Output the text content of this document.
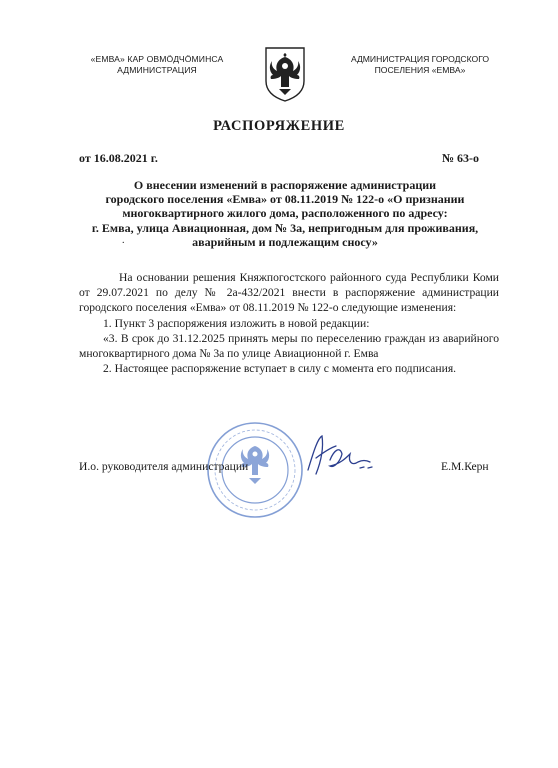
«ЕМВА» КАР ОВМӦДЧӦМИНСА
АДМИНИСТРАЦИЯ
АДМИНИСТРАЦИЯ ГОРОДСКОГО
ПОСЕЛЕНИЯ «ЕМВА»
РАСПОРЯЖЕНИЕ
от 16.08.2021 г.	№ 63-о
О внесении изменений в распоряжение администрации
городского поселения «Емва» от 08.11.2019 № 122-о «О признании
многоквартирного жилого дома, расположенного по адресу:
г. Емва, улица Авиационная, дом № 3а, непригодным для проживания,
аварийным и подлежащим сносу»
.

На основании решения Княжпогостского районного суда Республики Коми от 29.07.2021 по делу № 2а-432/2021 внести в распоряжение администрации городского поселения «Емва» от 08.11.2019 № 122-о следующие изменения:

1. Пункт 3 распоряжения изложить в новой редакции:

«3. В срок до 31.12.2025 принять меры по переселению граждан из аварийного многоквартирного дома № 3а по улице Авиационной г. Емва

2. Настоящее распоряжение вступает в силу с момента его подписания.

И.о. руководителя администрации	Е.М.Керн
